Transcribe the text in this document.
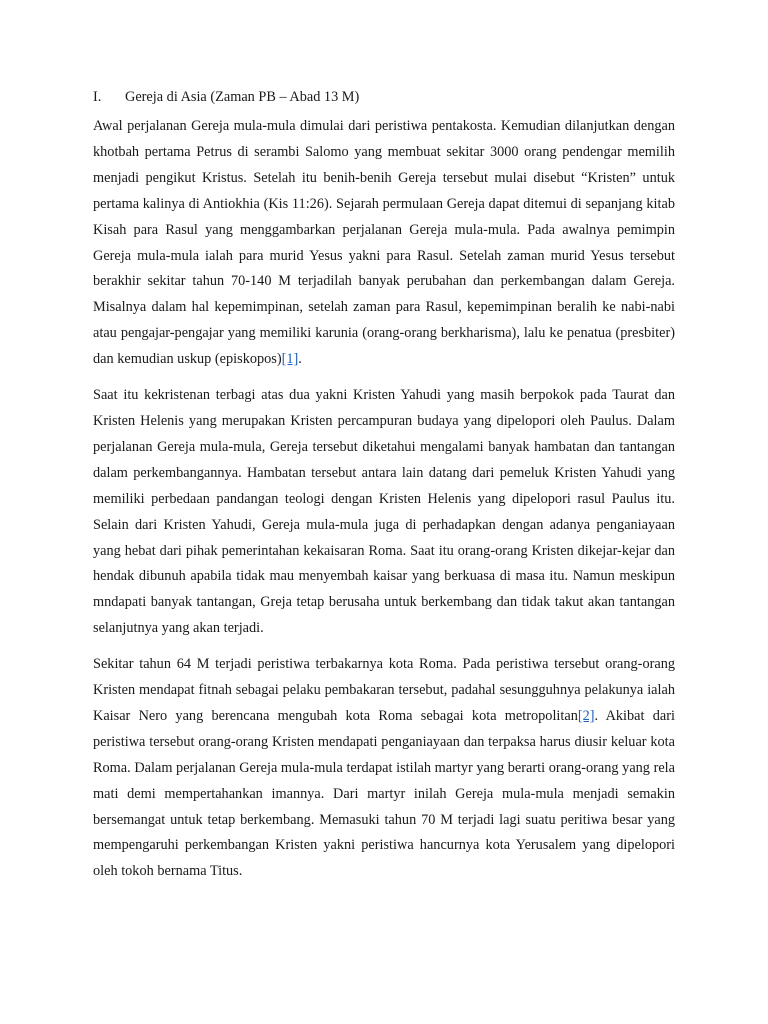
I.	Gereja di Asia (Zaman PB – Abad 13 M)

Awal perjalanan Gereja mula-mula dimulai dari peristiwa pentakosta. Kemudian dilanjutkan dengan khotbah pertama Petrus di serambi Salomo yang membuat sekitar 3000 orang pendengar memilih menjadi pengikut Kristus. Setelah itu benih-benih Gereja tersebut mulai disebut “Kristen” untuk pertama kalinya di Antiokhia (Kis 11:26). Sejarah permulaan Gereja dapat ditemui di sepanjang kitab Kisah para Rasul yang menggambarkan perjalanan Gereja mula-mula. Pada awalnya pemimpin Gereja mula-mula ialah para murid Yesus yakni para Rasul. Setelah zaman murid Yesus tersebut berakhir sekitar tahun 70-140 M terjadilah banyak perubahan dan perkembangan dalam Gereja. Misalnya dalam hal kepemimpinan, setelah zaman para Rasul, kepemimpinan beralih ke nabi-nabi atau pengajar-pengajar yang memiliki karunia (orang-orang berkharisma), lalu ke penatua (presbiter) dan kemudian uskup (episkopos)[1].

Saat itu kekristenan terbagi atas dua yakni Kristen Yahudi yang masih berpokok pada Taurat dan Kristen Helenis yang merupakan Kristen percampuran budaya yang dipelopori oleh Paulus. Dalam perjalanan Gereja mula-mula, Gereja tersebut diketahui mengalami banyak hambatan dan tantangan dalam perkembangannya. Hambatan tersebut antara lain datang dari pemeluk Kristen Yahudi yang memiliki perbedaan pandangan teologi dengan Kristen Helenis yang dipelopori rasul Paulus itu. Selain dari Kristen Yahudi, Gereja mula-mula juga di perhadapkan dengan adanya penganiayaan yang hebat dari pihak pemerintahan kekaisaran Roma. Saat itu orang-orang Kristen dikejar-kejar dan hendak dibunuh apabila tidak mau menyembah kaisar yang berkuasa di masa itu. Namun meskipun mndapati banyak tantangan, Greja tetap berusaha untuk berkembang dan tidak takut akan tantangan selanjutnya yang akan terjadi.

Sekitar tahun 64 M terjadi peristiwa terbakarnya kota Roma. Pada peristiwa tersebut orang-orang Kristen mendapat fitnah sebagai pelaku pembakaran tersebut, padahal sesungguhnya pelakunya ialah Kaisar Nero yang berencana mengubah kota Roma sebagai kota metropolitan[2]. Akibat dari peristiwa tersebut orang-orang Kristen mendapati penganiayaan dan terpaksa harus diusir keluar kota Roma. Dalam perjalanan Gereja mula-mula terdapat istilah martyr yang berarti orang-orang yang rela mati demi mempertahankan imannya. Dari martyr inilah Gereja mula-mula menjadi semakin bersemangat untuk tetap berkembang. Memasuki tahun 70 M terjadi lagi suatu peritiwa besar yang mempengaruhi perkembangan Kristen yakni peristiwa hancurnya kota Yerusalem yang dipelopori oleh tokoh bernama Titus.
